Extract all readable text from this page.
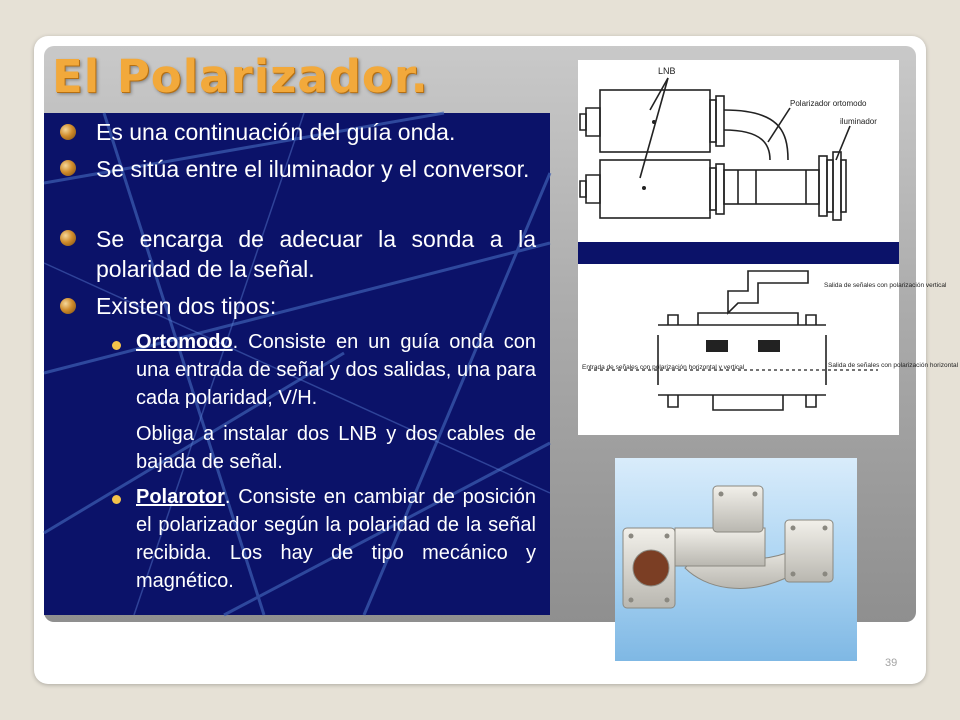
El Polarizador.
Es una continuación del guía onda.
Se sitúa entre el iluminador y el conversor.
Se encarga de adecuar la sonda a la polaridad de la señal.
Existen dos tipos:
Ortomodo. Consiste en un guía onda con una entrada de señal y dos salidas, una para cada polaridad, V/H.
Obliga a instalar dos LNB y dos cables de bajada de señal.
Polarotor. Consiste en cambiar de posición el polarizador según la polaridad de la señal recibida. Los hay de tipo mecánico y magnético.
LNB
Polarizador ortomodo
iluminador
Salida de señales con polarización vertical
Entrada de señales con polarización horizontal y vertical	Salida de señales con polarización horizontal
39
